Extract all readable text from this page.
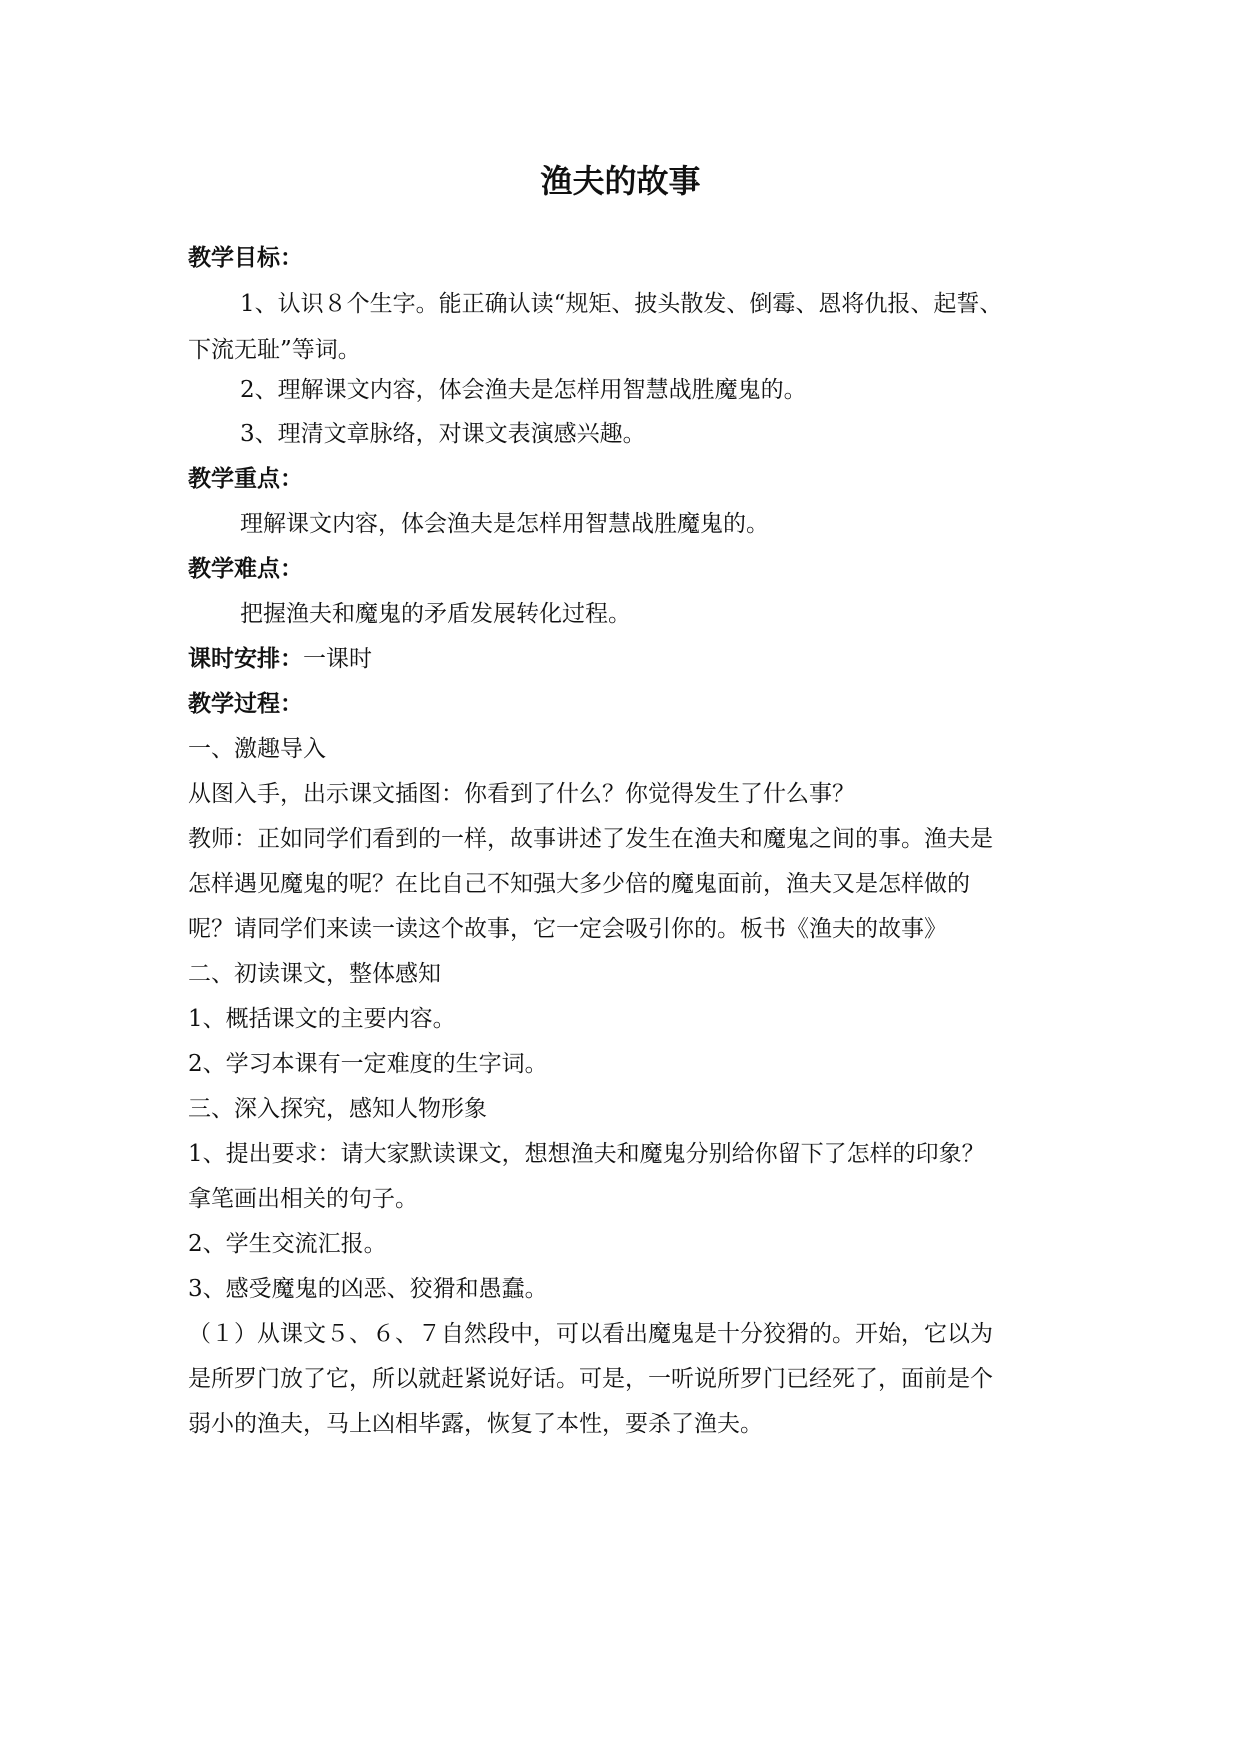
渔夫的故事
教学目标：
1、认识８个生字。能正确认读“规矩、披头散发、倒霉、恩将仇报、起誓、
下流无耻”等词。
2、理解课文内容，体会渔夫是怎样用智慧战胜魔鬼的。
3、理清文章脉络，对课文表演感兴趣。
教学重点：
理解课文内容，体会渔夫是怎样用智慧战胜魔鬼的。
教学难点：
把握渔夫和魔鬼的矛盾发展转化过程。
课时安排：一课时
教学过程：
一、激趣导入
从图入手，出示课文插图：你看到了什么？你觉得发生了什么事？
教师：正如同学们看到的一样，故事讲述了发生在渔夫和魔鬼之间的事。渔夫是
怎样遇见魔鬼的呢？在比自己不知强大多少倍的魔鬼面前，渔夫又是怎样做的
呢？请同学们来读一读这个故事，它一定会吸引你的。板书《渔夫的故事》
二、初读课文，整体感知
1、概括课文的主要内容。
2、学习本课有一定难度的生字词。
三、深入探究，感知人物形象
1、提出要求：请大家默读课文，想想渔夫和魔鬼分别给你留下了怎样的印象？
拿笔画出相关的句子。
2、学生交流汇报。
3、感受魔鬼的凶恶、狡猾和愚蠢。
（１）从课文５、６、７自然段中，可以看出魔鬼是十分狡猾的。开始，它以为
是所罗门放了它，所以就赶紧说好话。可是，一听说所罗门已经死了，面前是个
弱小的渔夫，马上凶相毕露，恢复了本性，要杀了渔夫。
